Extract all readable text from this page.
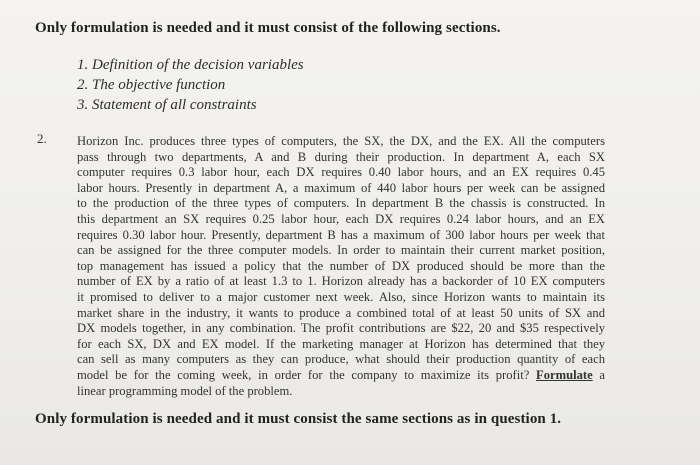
Only formulation is needed and it must consist of the following sections.
1. Definition of the decision variables
2. The objective function
3. Statement of all constraints
2. Horizon Inc. produces three types of computers, the SX, the DX, and the EX. All the computers
pass through two departments, A and B during their production. In department A, each SX
computer requires 0.3 labor hour, each DX requires 0.40 labor hours, and an EX requires 0.45
labor hours. Presently in department A, a maximum of 440 labor hours per week can be assigned
to the production of the three types of computers. In department B the chassis is constructed. In
this department an SX requires 0.25 labor hour, each DX requires 0.24 labor hours, and an EX
requires 0.30 labor hour. Presently, department B has a maximum of 300 labor hours per week that
can be assigned for the three computer models. In order to maintain their current market position,
top management has issued a policy that the number of DX produced should be more than the
number of EX by a ratio of at least 1.3 to 1. Horizon already has a backorder of 10 EX computers
it promised to deliver to a major customer next week. Also, since Horizon wants to maintain its
market share in the industry, it wants to produce a combined total of at least 50 units of SX and
DX models together, in any combination. The profit contributions are $22, 20 and $35 respectively
for each SX, DX and EX model. If the marketing manager at Horizon has determined that they
can sell as many computers as they can produce, what should their production quantity of each
model be for the coming week, in order for the company to maximize its profit? Formulate a
linear programming model of the problem.
Only formulation is needed and it must consist the same sections as in question 1.
